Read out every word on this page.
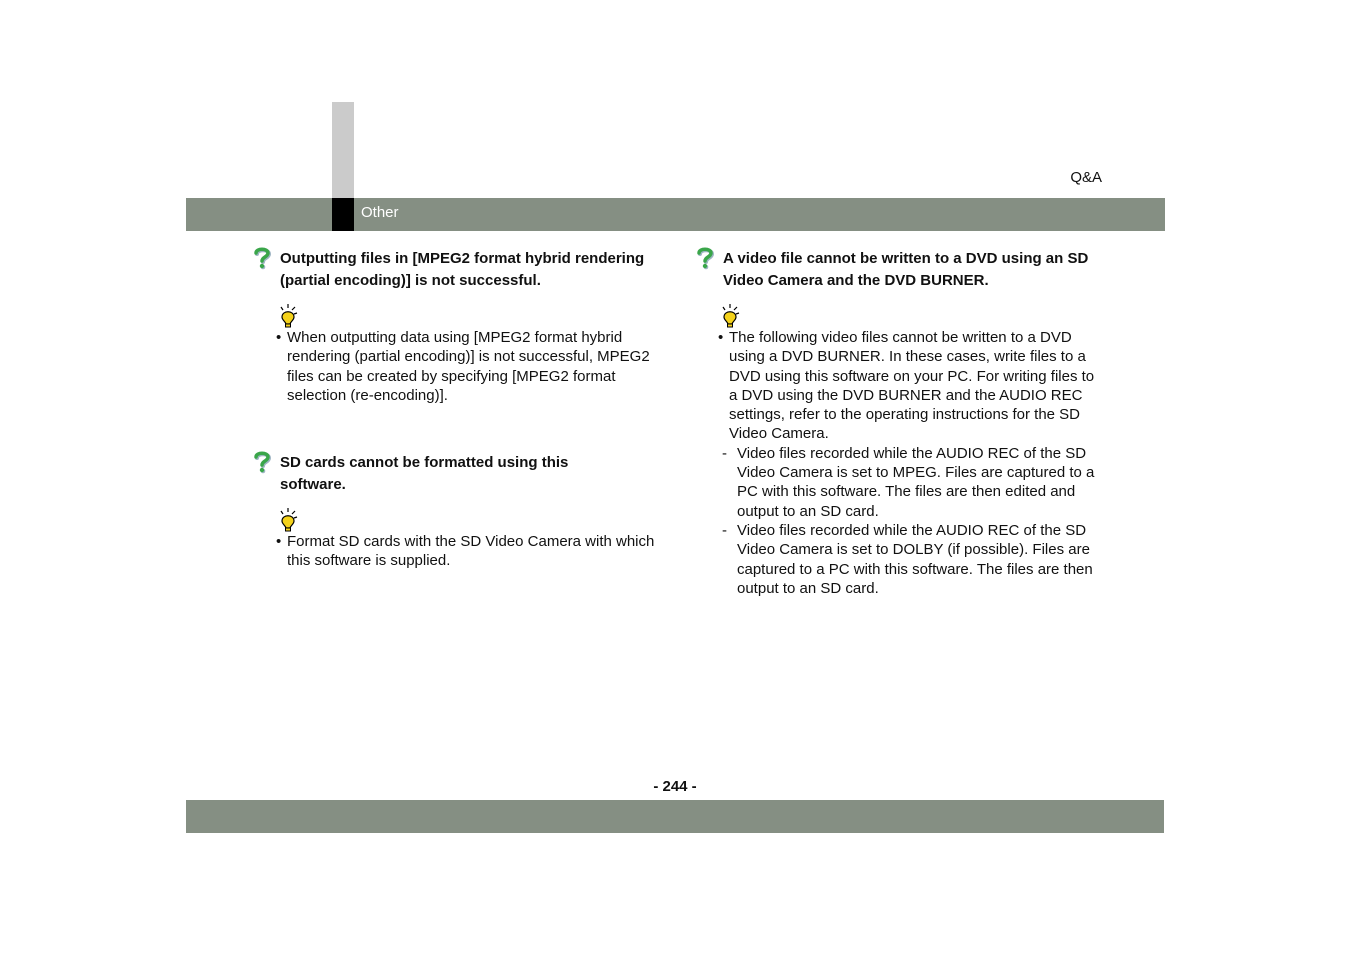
Other
Q&A

Outputting files in [MPEG2 format hybrid rendering (partial encoding)] is not successful.

• When outputting data using [MPEG2 format hybrid rendering (partial encoding)] is not successful, MPEG2 files can be created by specifying [MPEG2 format selection (re-encoding)].

SD cards cannot be formatted using this software.

• Format SD cards with the SD Video Camera with which this software is supplied.

A video file cannot be written to a DVD using an SD Video Camera and the DVD BURNER.

• The following video files cannot be written to a DVD using a DVD BURNER. In these cases, write files to a DVD using this software on your PC. For writing files to a DVD using the DVD BURNER and the AUDIO REC settings, refer to the operating instructions for the SD Video Camera.

- Video files recorded while the AUDIO REC of the SD Video Camera is set to MPEG. Files are captured to a PC with this software. The files are then edited and output to an SD card.

- Video files recorded while the AUDIO REC of the SD Video Camera is set to DOLBY (if possible). Files are captured to a PC with this software. The files are then output to an SD card.

- 244 -
